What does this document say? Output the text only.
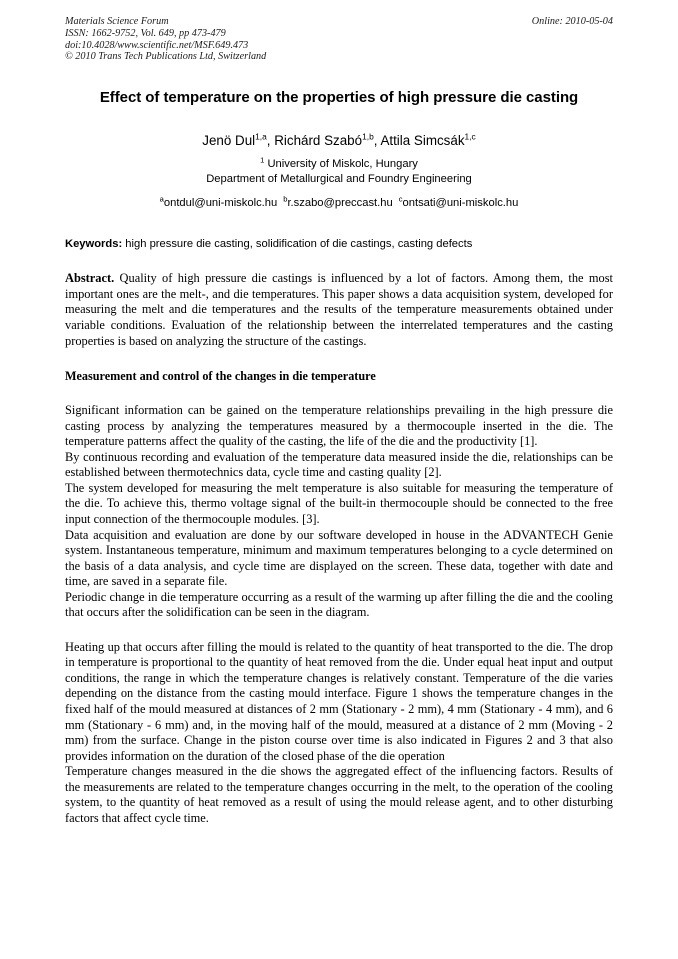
Materials Science Forum
ISSN: 1662-9752, Vol. 649, pp 473-479
doi:10.4028/www.scientific.net/MSF.649.473
© 2010 Trans Tech Publications Ltd, Switzerland
Online: 2010-05-04
Effect of temperature on the properties of high pressure die casting
Jenö Dul$^{1,a}$, Richárd Szabó$^{1,b}$, Attila Simcsák$^{1,c}$
$^1$ University of Miskolc, Hungary
Department of Metallurgical and Foundry Engineering
$^a$ontdul@uni-miskolc.hu $^b$r.szabo@preccast.hu $^c$ontsati@uni-miskolc.hu
Keywords: high pressure die casting, solidification of die castings, casting defects
Abstract. Quality of high pressure die castings is influenced by a lot of factors. Among them, the most important ones are the melt-, and die temperatures. This paper shows a data acquisition system, developed for measuring the melt and die temperatures and the results of the temperature measurements obtained under variable conditions. Evaluation of the relationship between the interrelated temperatures and the casting properties is based on analyzing the structure of the castings.
Measurement and control of the changes in die temperature

Significant information can be gained on the temperature relationships prevailing in the high pressure die casting process by analyzing the temperatures measured by a thermocouple inserted in the die. The temperature patterns affect the quality of the casting, the life of the die and the productivity [1].

By continuous recording and evaluation of the temperature data measured inside the die, relationships can be established between thermotechnics data, cycle time and casting quality [2].

The system developed for measuring the melt temperature is also suitable for measuring the temperature of the die. To achieve this, thermo voltage signal of the built-in thermocouple should be connected to the free input connection of the thermocouple modules. [3].

Data acquisition and evaluation are done by our software developed in house in the ADVANTECH Genie system. Instantaneous temperature, minimum and maximum temperatures belonging to a cycle determined on the basis of a data analysis, and cycle time are displayed on the screen. These data, together with date and time, are saved in a separate file.

Periodic change in die temperature occurring as a result of the warming up after filling the die and the cooling that occurs after the solidification can be seen in the diagram.

Heating up that occurs after filling the mould is related to the quantity of heat transported to the die. The drop in temperature is proportional to the quantity of heat removed from the die. Under equal heat input and output conditions, the range in which the temperature changes is relatively constant. Temperature of the die varies depending on the distance from the casting mould interface. Figure 1 shows the temperature changes in the fixed half of the mould measured at distances of 2 mm (Stationary - 2 mm), 4 mm (Stationary - 4 mm), and 6 mm (Stationary - 6 mm) and, in the moving half of the mould, measured at a distance of 2 mm (Moving - 2 mm) from the surface. Change in the piston course over time is also indicated in Figures 2 and 3 that also provides information on the duration of the closed phase of the die operation

Temperature changes measured in the die shows the aggregated effect of the influencing factors. Results of the measurements are related to the temperature changes occurring in the melt, to the operation of the cooling system, to the quantity of heat removed as a result of using the mould release agent, and to other disturbing factors that affect cycle time.
